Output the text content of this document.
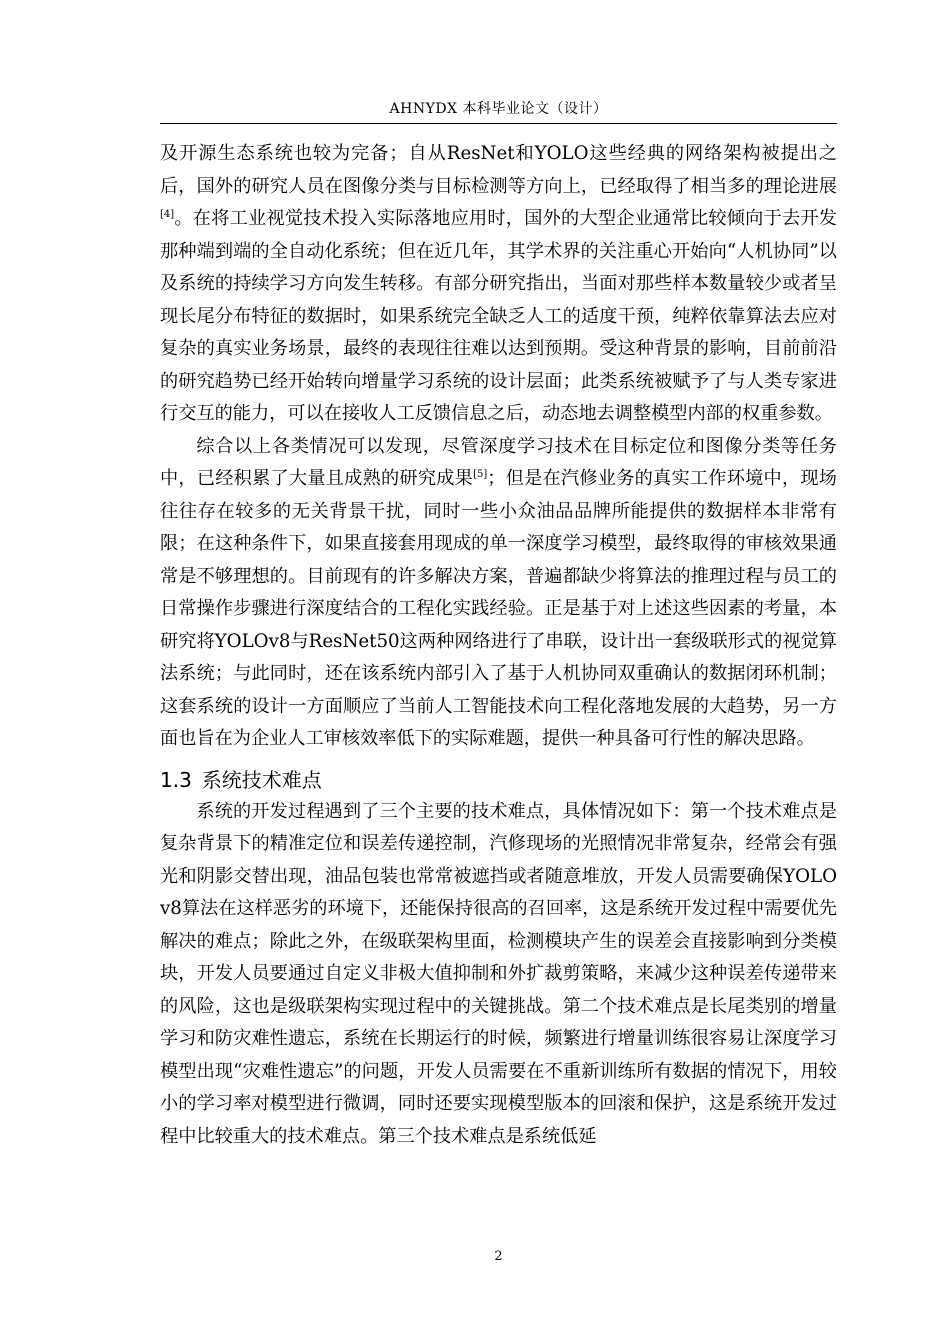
AHNYDX 本科毕业论文（设计）

及开源生态系统也较为完备；自从ResNet和YOLO这些经典的网络架构被提出之后，国外的研究人员在图像分类与目标检测等方向上，已经取得了相当多的理论进展[4]。在将工业视觉技术投入实际落地应用时，国外的大型企业通常比较倾向于去开发那种端到端的全自动化系统；但在近几年，其学术界的关注重心开始向“人机协同”以及系统的持续学习方向发生转移。有部分研究指出，当面对那些样本数量较少或者呈现长尾分布特征的数据时，如果系统完全缺乏人工的适度干预，纯粹依靠算法去应对复杂的真实业务场景，最终的表现往往难以达到预期。受这种背景的影响，目前前沿的研究趋势已经开始转向增量学习系统的设计层面；此类系统被赋予了与人类专家进行交互的能力，可以在接收人工反馈信息之后，动态地去调整模型内部的权重参数。

综合以上各类情况可以发现，尽管深度学习技术在目标定位和图像分类等任务中，已经积累了大量且成熟的研究成果[5]；但是在汽修业务的真实工作环境中，现场往往存在较多的无关背景干扰，同时一些小众油品品牌所能提供的数据样本非常有限；在这种条件下，如果直接套用现成的单一深度学习模型，最终取得的审核效果通常是不够理想的。目前现有的许多解决方案，普遍都缺少将算法的推理过程与员工的日常操作步骤进行深度结合的工程化实践经验。正是基于对上述这些因素的考量，本研究将YOLOv8与ResNet50这两种网络进行了串联，设计出一套级联形式的视觉算法系统；与此同时，还在该系统内部引入了基于人机协同双重确认的数据闭环机制；这套系统的设计一方面顺应了当前人工智能技术向工程化落地发展的大趋势，另一方面也旨在为企业人工审核效率低下的实际难题，提供一种具备可行性的解决思路。

1.3 系统技术难点

系统的开发过程遇到了三个主要的技术难点，具体情况如下：第一个技术难点是复杂背景下的精准定位和误差传递控制，汽修现场的光照情况非常复杂，经常会有强光和阴影交替出现，油品包装也常常被遮挡或者随意堆放，开发人员需要确保YOLOv8算法在这样恶劣的环境下，还能保持很高的召回率，这是系统开发过程中需要优先解决的难点；除此之外，在级联架构里面，检测模块产生的误差会直接影响到分类模块，开发人员要通过自定义非极大值抑制和外扩裁剪策略，来减少这种误差传递带来的风险，这也是级联架构实现过程中的关键挑战。第二个技术难点是长尾类别的增量学习和防灾难性遗忘，系统在长期运行的时候，频繁进行增量训练很容易让深度学习模型出现“灾难性遗忘”的问题，开发人员需要在不重新训练所有数据的情况下，用较小的学习率对模型进行微调，同时还要实现模型版本的回滚和保护，这是系统开发过程中比较重大的技术难点。第三个技术难点是系统低延

2
